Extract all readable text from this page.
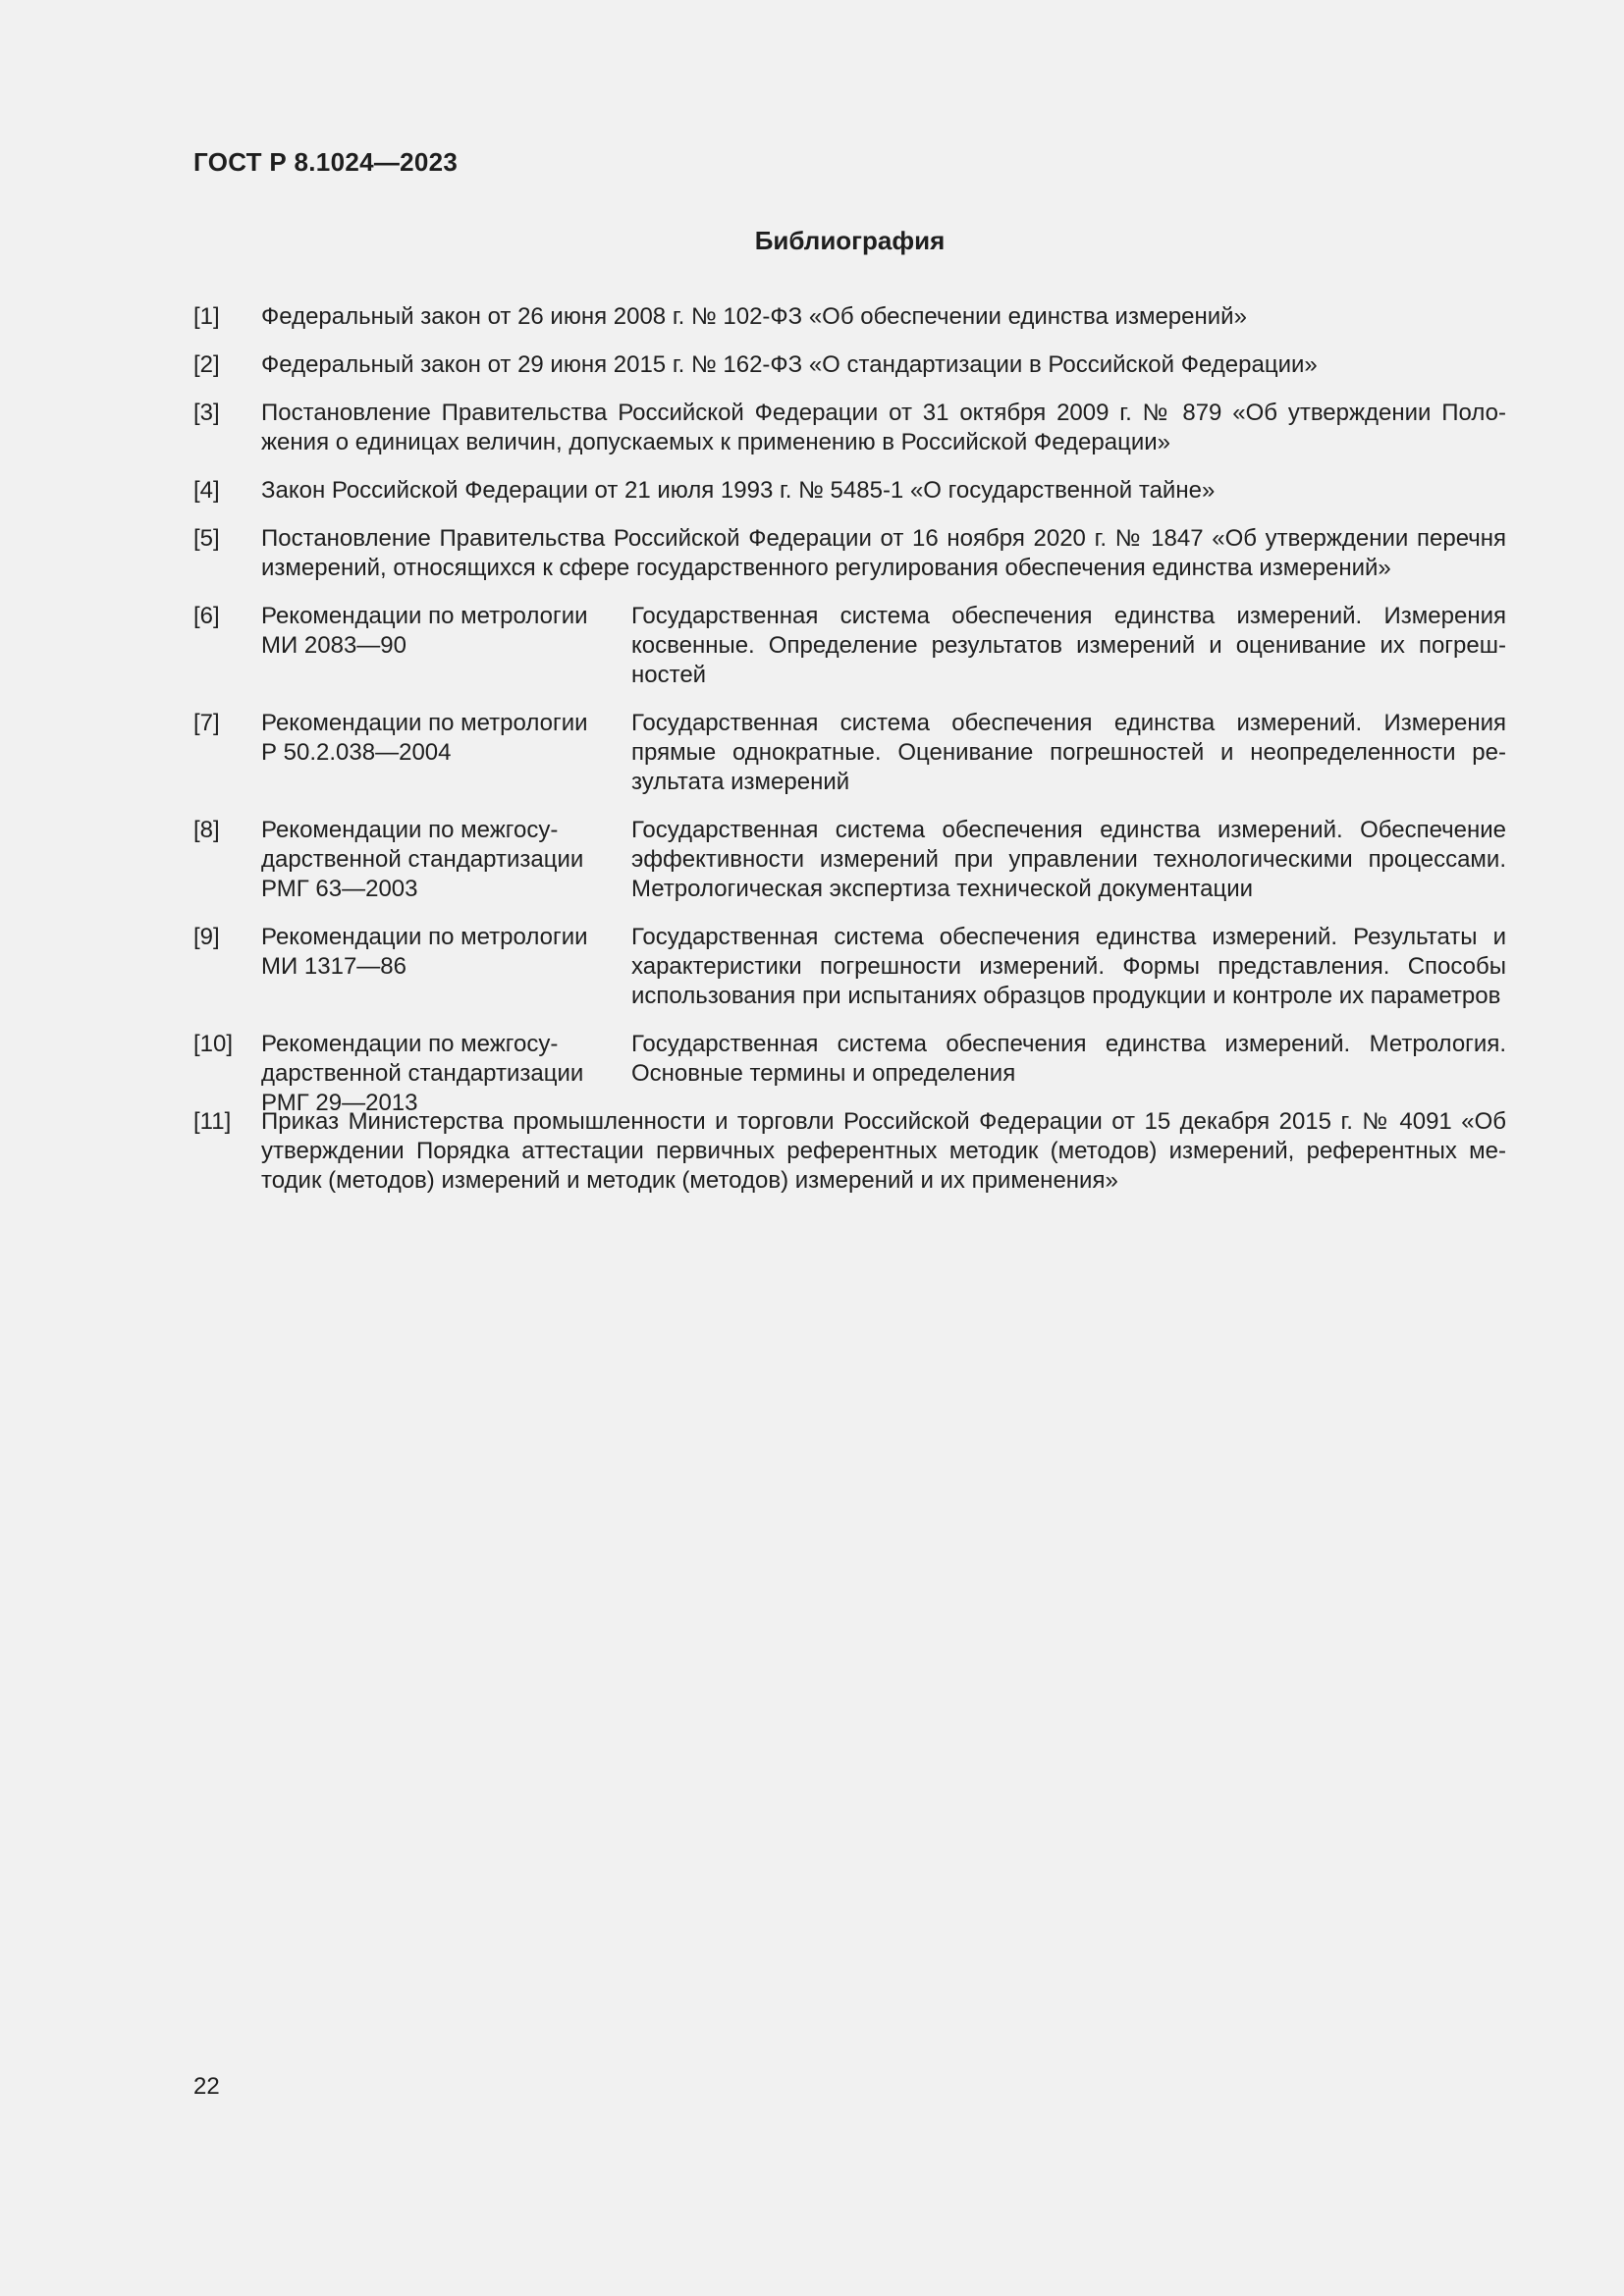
ГОСТ Р 8.1024—2023
Библиография
[1] Федеральный закон от 26 июня 2008 г. № 102-ФЗ «Об обеспечении единства измерений»
[2] Федеральный закон от 29 июня 2015 г. № 162-ФЗ «О стандартизации в Российской Федерации»
[3] Постановление Правительства Российской Федерации от 31 октября 2009 г. № 879 «Об утверждении Положения о единицах величин, допускаемых к применению в Российской Федерации»
[4] Закон Российской Федерации от 21 июля 1993 г. № 5485-1 «О государственной тайне»
[5] Постановление Правительства Российской Федерации от 16 ноября 2020 г. № 1847 «Об утверждении перечня измерений, относящихся к сфере государственного регулирования обеспечения единства измерений»
[6] Рекомендации по метрологии
МИ 2083—90
Государственная система обеспечения единства измерений. Измерения косвенные. Определение результатов измерений и оценивание их погрешностей
[7] Рекомендации по метрологии
Р 50.2.038—2004
Государственная система обеспечения единства измерений. Измерения прямые однократные. Оценивание погрешностей и неопределенности результата измерений
[8] Рекомендации по межгосу-
дарственной стандартизации
РМГ 63—2003
Государственная система обеспечения единства измерений. Обеспечение эффективности измерений при управлении технологическими процессами. Метрологическая экспертиза технической документации
[9] Рекомендации по метрологии
МИ 1317—86
Государственная система обеспечения единства измерений. Результаты и характеристики погрешности измерений. Формы представления. Способы использования при испытаниях образцов продукции и контроле их параметров
[10] Рекомендации по межгосу-
дарственной стандартизации
РМГ 29—2013
Государственная система обеспечения единства измерений. Метрология. Основные термины и определения
[11] Приказ Министерства промышленности и торговли Российской Федерации от 15 декабря 2015 г. № 4091 «Об утверждении Порядка аттестации первичных референтных методик (методов) измерений, референтных методик (методов) измерений и методик (методов) измерений и их применения»
22
